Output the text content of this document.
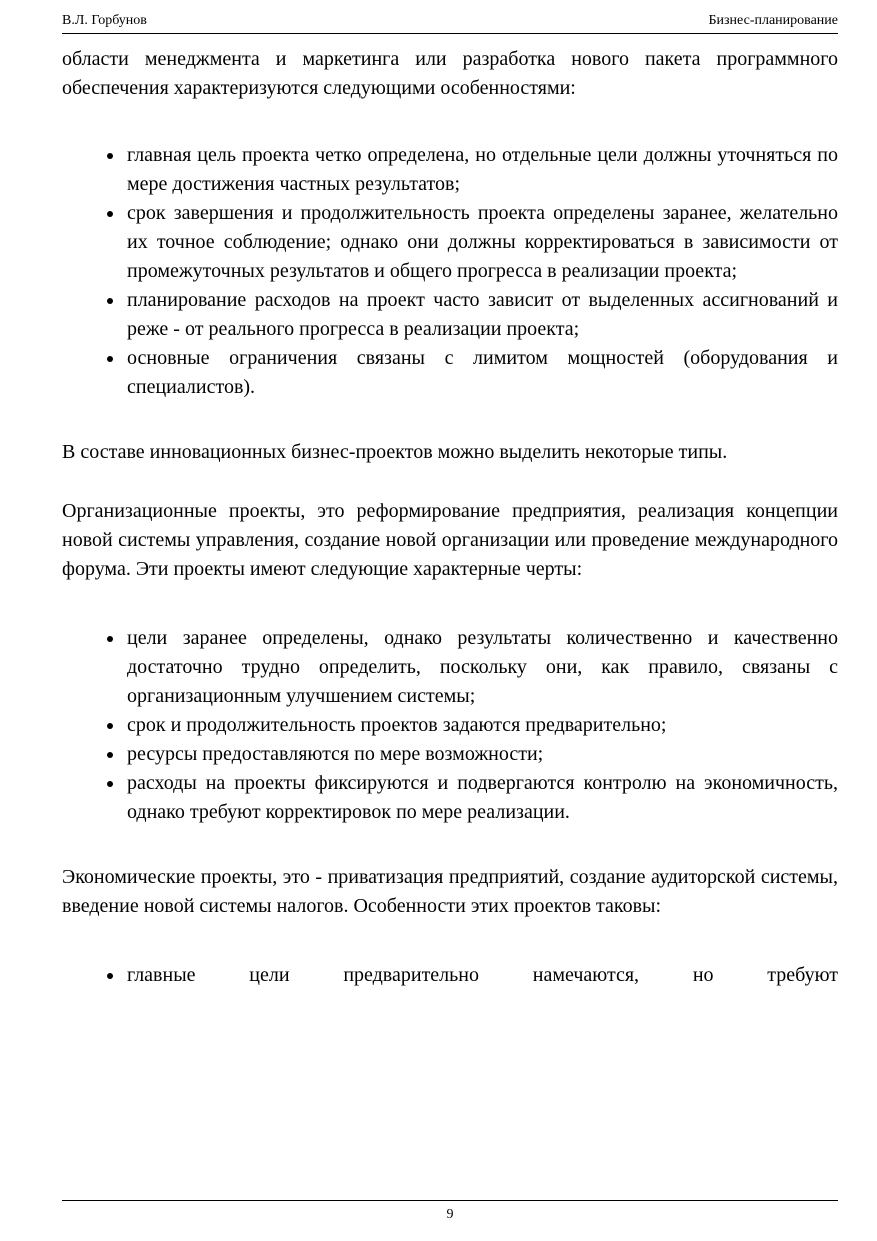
В.Л. Горбунов	Бизнес-планирование

области менеджмента и маркетинга или разработка нового пакета программного обеспечения характеризуются следующими особенностями:

• главная цель проекта четко определена, но отдельные цели должны уточняться по мере достижения частных результатов;
• срок завершения и продолжительность проекта определены заранее, желательно их точное соблюдение; однако они должны корректироваться в зависимости от промежуточных результатов и общего прогресса в реализации проекта;
• планирование расходов на проект часто зависит от выделенных ассигнований и реже - от реального прогресса в реализации проекта;
• основные ограничения связаны с лимитом мощностей (оборудования и специалистов).

В составе инновационных бизнес-проектов можно выделить некоторые типы.

Организационные проекты, это реформирование предприятия, реализация концепции новой системы управления, создание новой организации или проведение международного форума. Эти проекты имеют следующие характерные черты:

• цели заранее определены, однако результаты количественно и качественно достаточно трудно определить, поскольку они, как правило, связаны с организационным улучшением системы;
• срок и продолжительность проектов задаются предварительно;
• ресурсы предоставляются по мере возможности;
• расходы на проекты фиксируются и подвергаются контролю на экономичность, однако требуют корректировок по мере реализации.

Экономические проекты, это - приватизация предприятий, создание аудиторской системы, введение новой системы налогов. Особенности этих проектов таковы:

• главные цели предварительно намечаются, но требуют
9
